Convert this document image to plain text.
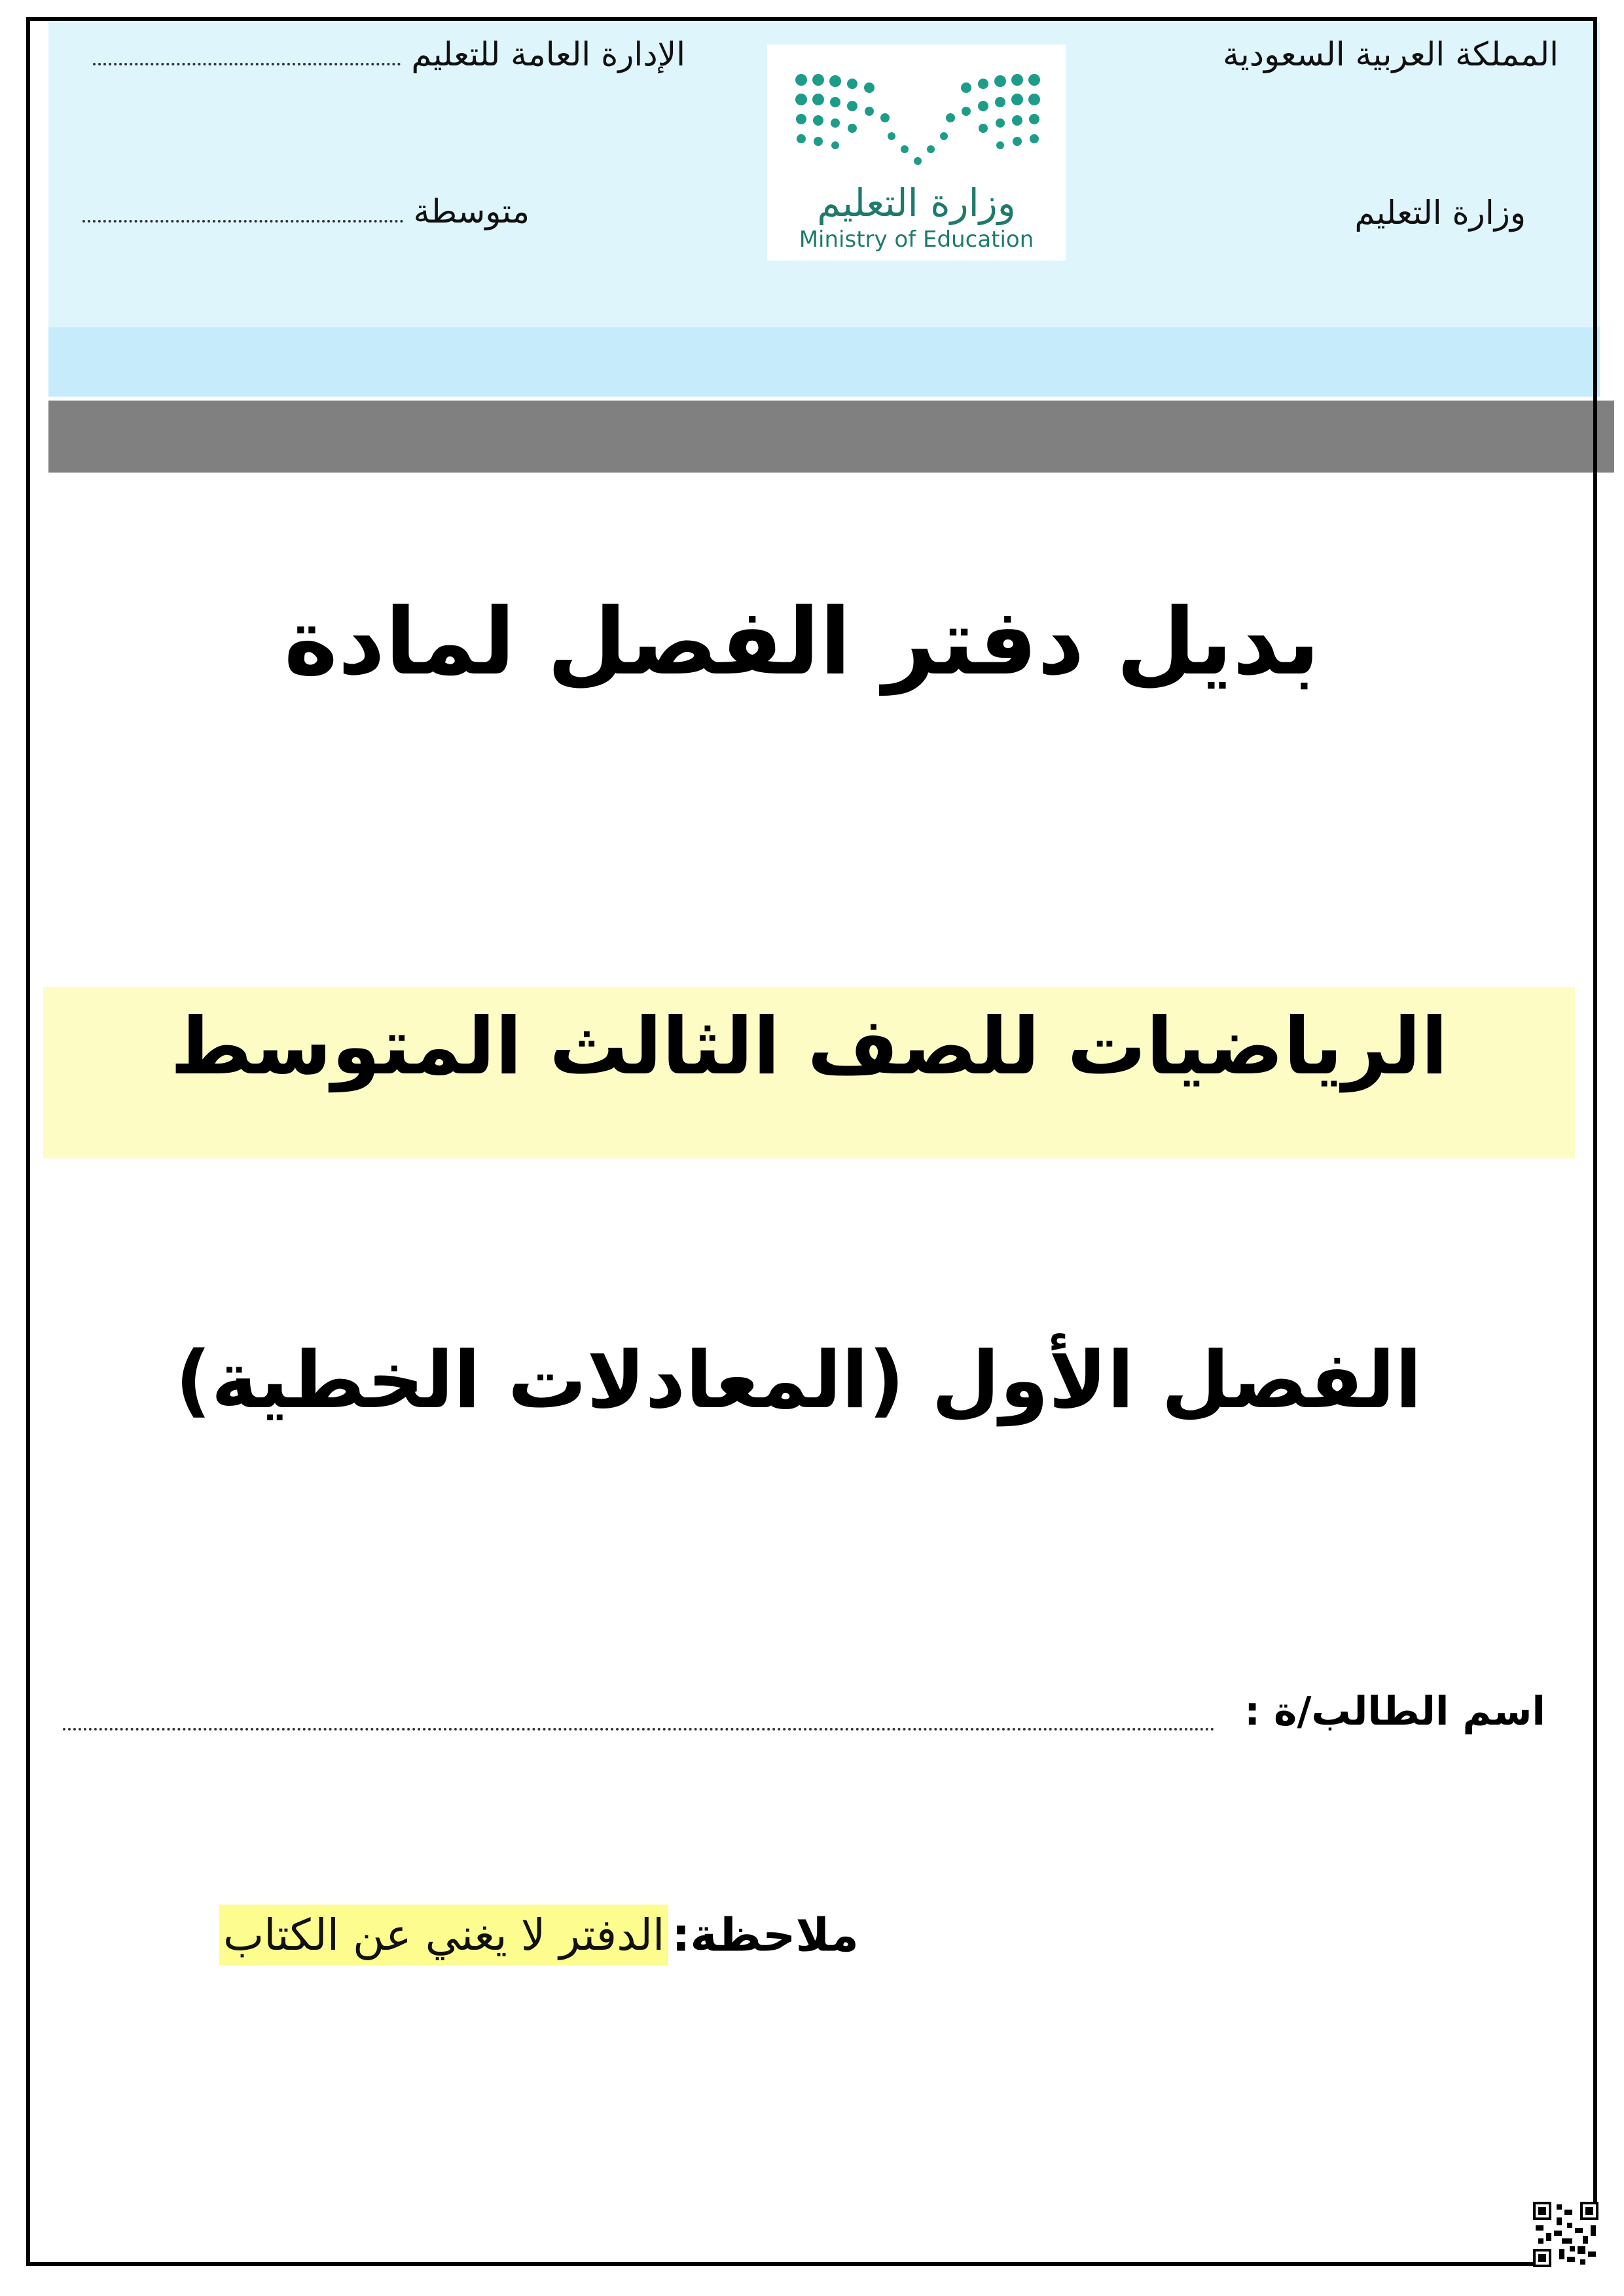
المملكة العربية السعودية
وزارة التعليم
الإدارة العامة للتعليم
متوسطة	وزارة التعليم
Ministry of Education
بديل دفتر الفصل لمادة
الرياضيات للصف الثالث المتوسط
الفصل الأول (المعادلات الخطية)
اسم الطالب/ة :
ملاحظة: الدفتر لا يغني عن الكتاب
